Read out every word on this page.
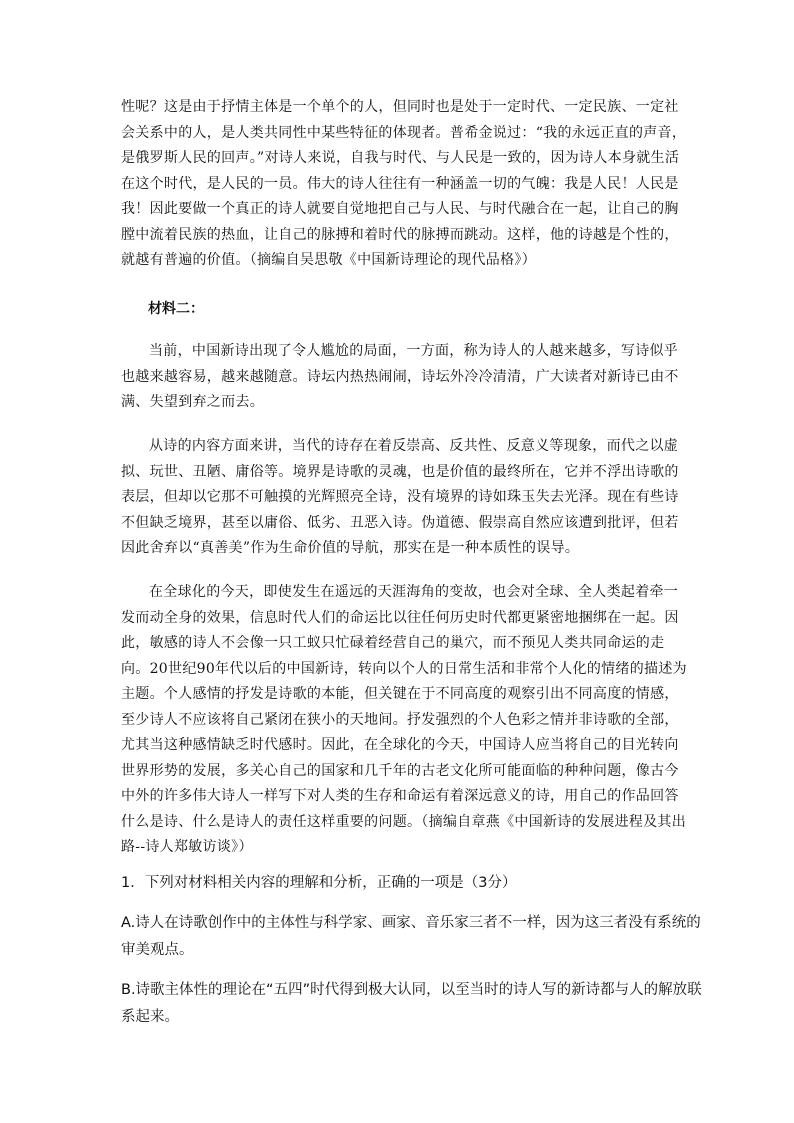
性呢？这是由于抒情主体是一个单个的人，但同时也是处于一定时代、一定民族、一定社会关系中的人，是人类共同性中某些特征的体现者。普希金说过：“我的永远正直的声音，是俄罗斯人民的回声。”对诗人来说，自我与时代、与人民是一致的，因为诗人本身就生活在这个时代，是人民的一员。伟大的诗人往往有一种涵盖一切的气魄：我是人民！人民是我！因此要做一个真正的诗人就要自觉地把自己与人民、与时代融合在一起，让自己的胸膛中流着民族的热血，让自己的脉搏和着时代的脉搏而跳动。这样，他的诗越是个性的，就越有普遍的价值。（摘编自吴思敬《中国新诗理论的现代品格》）

材料二：

当前，中国新诗出现了令人尴尬的局面，一方面，称为诗人的人越来越多，写诗似乎也越来越容易，越来越随意。诗坛内热热闹闹，诗坛外冷冷清清，广大读者对新诗已由不满、失望到弃之而去。

从诗的内容方面来讲，当代的诗存在着反崇高、反共性、反意义等现象，而代之以虚拟、玩世、丑陋、庸俗等。境界是诗歌的灵魂，也是价值的最终所在，它并不浮出诗歌的表层，但却以它那不可触摸的光辉照亮全诗，没有境界的诗如珠玉失去光泽。现在有些诗不但缺乏境界，甚至以庸俗、低劣、丑恶入诗。伪道德、假崇高自然应该遭到批评，但若因此舍弃以“真善美”作为生命价值的导航，那实在是一种本质性的误导。

在全球化的今天，即使发生在遥远的天涯海角的变故，也会对全球、全人类起着牵一发而动全身的效果，信息时代人们的命运比以往任何历史时代都更紧密地捆绑在一起。因此，敏感的诗人不会像一只工蚁只忙碌着经营自己的巢穴，而不预见人类共同命运的走向。20世纪90年代以后的中国新诗，转向以个人的日常生活和非常个人化的情绪的描述为主题。个人感情的抒发是诗歌的本能，但关键在于不同高度的观察引出不同高度的情感，至少诗人不应该将自己紧闭在狭小的天地间。抒发强烈的个人色彩之情并非诗歌的全部，尤其当这种感情缺乏时代感时。因此，在全球化的今天，中国诗人应当将自己的目光转向世界形势的发展，多关心自己的国家和几千年的古老文化所可能面临的种种问题，像古今中外的许多伟大诗人一样写下对人类的生存和命运有着深远意义的诗，用自己的作品回答什么是诗、什么是诗人的责任这样重要的问题。（摘编自章燕《中国新诗的发展进程及其出路--诗人郑敏访谈》）

1．下列对材料相关内容的理解和分析，正确的一项是（3分）

A.诗人在诗歌创作中的主体性与科学家、画家、音乐家三者不一样，因为这三者没有系统的审美观点。

B.诗歌主体性的理论在“五四”时代得到极大认同，以至当时的诗人写的新诗都与人的解放联系起来。
